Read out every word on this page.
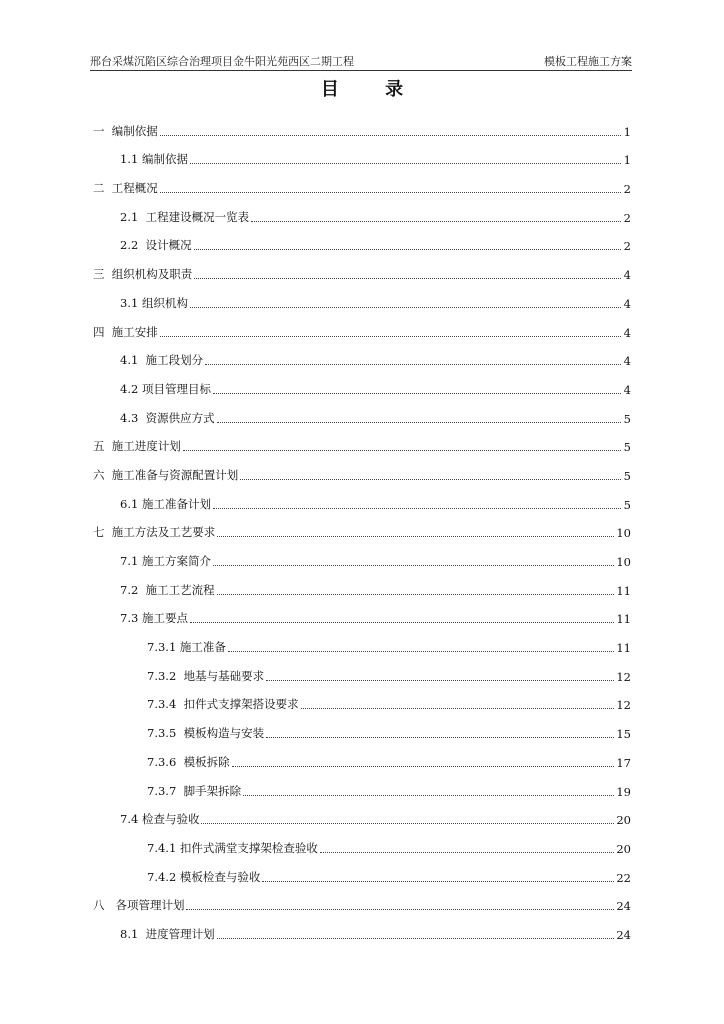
邢台采煤沉陷区综合治理项目金牛阳光苑西区二期工程	模板工程施工方案
目 录
一  编制依据	1
1.1 编制依据	1
二  工程概况	2
2.1  工程建设概况一览表	2
2.2  设计概况	2
三  组织机构及职责	4
3.1 组织机构	4
四  施工安排	4
4.1  施工段划分	4
4.2 项目管理目标	4
4.3  资源供应方式	5
五  施工进度计划	5
六  施工准备与资源配置计划	5
6.1 施工准备计划	5
七  施工方法及工艺要求	10
7.1 施工方案简介	10
7.2  施工工艺流程	11
7.3 施工要点	11
7.3.1 施工准备	11
7.3.2  地基与基础要求	12
7.3.4  扣件式支撑架搭设要求	12
7.3.5  模板构造与安装	15
7.3.6  模板拆除	17
7.3.7  脚手架拆除	19
7.4 检查与验收	20
7.4.1 扣件式满堂支撑架检查验收	20
7.4.2 模板检查与验收	22
八   各项管理计划	24
8.1  进度管理计划	24
